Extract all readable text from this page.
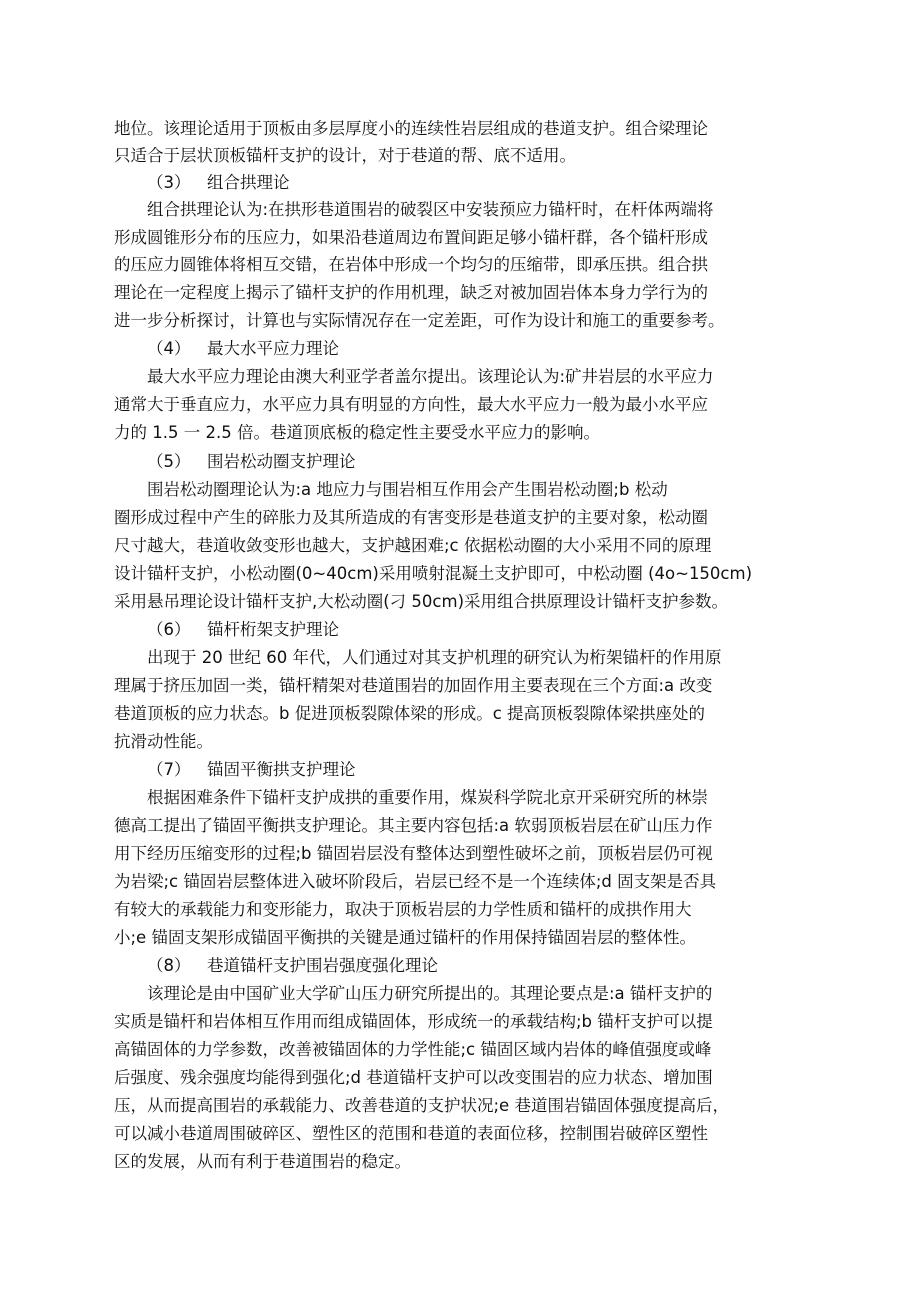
地位。该理论适用于顶板由多层厚度小的连续性岩层组成的巷道支护。组合梁理论
只适合于层状顶板锚杆支护的设计，对于巷道的帮、底不适用。
（3） 组合拱理论
组合拱理论认为:在拱形巷道围岩的破裂区中安装预应力锚杆时，在杆体两端将
形成圆锥形分布的压应力，如果沿巷道周边布置间距足够小锚杆群，各个锚杆形成
的压应力圆锥体将相互交错，在岩体中形成一个均匀的压缩带，即承压拱。组合拱
理论在一定程度上揭示了锚杆支护的作用机理，缺乏对被加固岩体本身力学行为的
进一步分析探讨，计算也与实际情况存在一定差距，可作为设计和施工的重要参考。
（4） 最大水平应力理论
最大水平应力理论由澳大利亚学者盖尔提出。该理论认为:矿井岩层的水平应力
通常大于垂直应力，水平应力具有明显的方向性，最大水平应力一般为最小水平应
力的 1.5 一 2.5 倍。巷道顶底板的稳定性主要受水平应力的影响。
（5） 围岩松动圈支护理论
围岩松动圈理论认为:a 地应力与围岩相互作用会产生围岩松动圈;b 松动
圈形成过程中产生的碎胀力及其所造成的有害变形是巷道支护的主要对象，松动圈
尺寸越大，巷道收敛变形也越大，支护越困难;c 依据松动圈的大小采用不同的原理
设计锚杆支护，小松动圈(0~40cm)采用喷射混凝土支护即可，中松动圈 (4o~150cm)
采用悬吊理论设计锚杆支护,大松动圈(刁 50cm)采用组合拱原理设计锚杆支护参数。
（6） 锚杆桁架支护理论
出现于 20 世纪 60 年代，人们通过对其支护机理的研究认为桁架锚杆的作用原
理属于挤压加固一类，锚杆精架对巷道围岩的加固作用主要表现在三个方面:a 改变
巷道顶板的应力状态。b 促进顶板裂隙体梁的形成。c 提高顶板裂隙体梁拱座处的
抗滑动性能。
（7） 锚固平衡拱支护理论
根据困难条件下锚杆支护成拱的重要作用，煤炭科学院北京开采研究所的林崇
德高工提出了锚固平衡拱支护理论。其主要内容包括:a 软弱顶板岩层在矿山压力作
用下经历压缩变形的过程;b 锚固岩层没有整体达到塑性破坏之前，顶板岩层仍可视
为岩梁;c 锚固岩层整体进入破坏阶段后，岩层已经不是一个连续体;d 固支架是否具
有较大的承载能力和变形能力，取决于顶板岩层的力学性质和锚杆的成拱作用大
小;e 锚固支架形成锚固平衡拱的关键是通过锚杆的作用保持锚固岩层的整体性。
（8） 巷道锚杆支护围岩强度强化理论
该理论是由中国矿业大学矿山压力研究所提出的。其理论要点是:a 锚杆支护的
实质是锚杆和岩体相互作用而组成锚固体，形成统一的承载结构;b 锚杆支护可以提
高锚固体的力学参数，改善被锚固体的力学性能;c 锚固区域内岩体的峰值强度或峰
后强度、残余强度均能得到强化;d 巷道锚杆支护可以改变围岩的应力状态、增加围
压，从而提高围岩的承载能力、改善巷道的支护状况;e 巷道围岩锚固体强度提高后，
可以减小巷道周围破碎区、塑性区的范围和巷道的表面位移，控制围岩破碎区塑性
区的发展，从而有利于巷道围岩的稳定。
